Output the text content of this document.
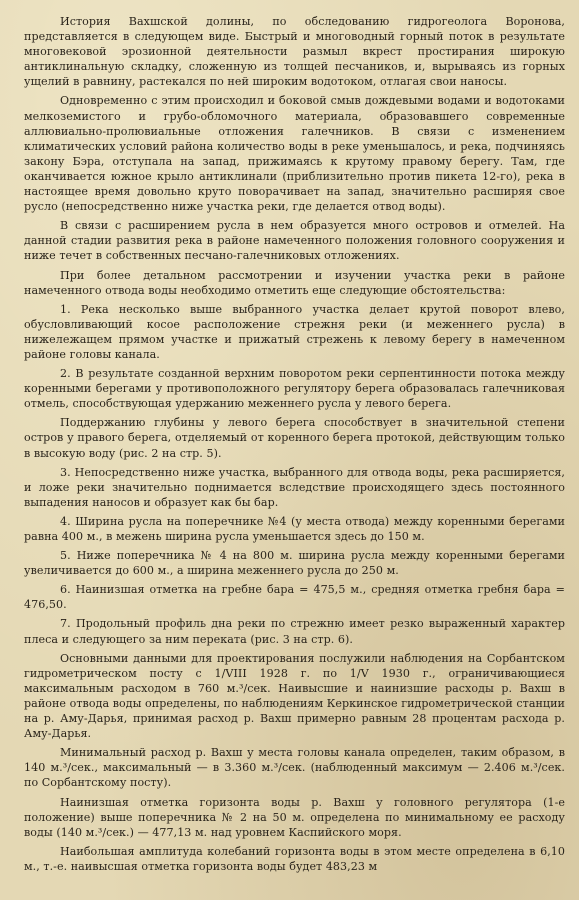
История Вахшской долины, по обследованию гидрогеолога Воронова, представляется в следующем виде. Быстрый и многоводный горный поток в результате многовековой эрозионной деятельности размыл вкрест простирания широкую антиклинальную складку, сложенную из толщей песчаников, и, вырываясь из горных ущелий в равнину, растекался по ней широким водотоком, отлагая свои наносы.

Одновременно с этим происходил и боковой смыв дождевыми водами и водотоками мелкоземистого и грубо-обломочного материала, образовавшего современные аллювиально-пролювиальные отложения галечников. В связи с изменением климатических условий района количество воды в реке уменьшалось, и река, подчиняясь закону Бэра, отступала на запад, прижимаясь к крутому правому берегу. Там, где оканчивается южное крыло антиклинали (приблизительно против пикета 12-го), река в настоящее время довольно круто поворачивает на запад, значительно расширяя свое русло (непосредственно ниже участка реки, где делается отвод воды).

В связи с расширением русла в нем образуется много островов и отмелей. На данной стадии развития река в районе намеченного положения головного сооружения и ниже течет в собственных песчано-галечниковых отложениях.

При более детальном рассмотрении и изучении участка реки в районе намеченного отвода воды необходимо отметить еще следующие обстоятельства:

1. Река несколько выше выбранного участка делает крутой поворот влево, обусловливающий косое расположение стрежня реки (и меженнего русла) в нижележащем прямом участке и прижатый стрежень к левому берегу в намеченном районе головы канала.

2. В результате созданной верхним поворотом реки серпентинности потока между коренными берегами у противоположного регулятору берега образовалась галечниковая отмель, способствующая удержанию меженнего русла у левого берега.

Поддержанию глубины у левого берега способствует в значительной степени остров у правого берега, отделяемый от коренного берега протокой, действующим только в высокую воду (рис. 2 на стр. 5).

3. Непосредственно ниже участка, выбранного для отвода воды, река расширяется, и ложе реки значительно поднимается вследствие происходящего здесь постоянного выпадения наносов и образует как бы бар.

4. Ширина русла на поперечнике №4 (у места отвода) между коренными берегами равна 400 м., в межень ширина русла уменьшается здесь до 150 м.

5. Ниже поперечника № 4 на 800 м. ширина русла между коренными берегами увеличивается до 600 м., а ширина меженнего русла до 250 м.

6. Наинизшая отметка на гребне бара = 475,5 м., средняя отметка гребня бара = 476,50.

7. Продольный профиль дна реки по стрежню имеет резко выраженный характер плеса и следующего за ним переката (рис. 3 на стр. 6).

Основными данными для проектирования послужили наблюдения на Сорбантском гидрометрическом посту с 1/VIII 1928 г. по 1/V 1930 г., ограничивающиеся максимальным расходом в 760 м.³/сек. Наивысшие и наинизшие расходы р. Вахш в районе отвода воды определены, по наблюдениям Керкинское гидрометрической станции на р. Аму-Дарья, принимая расход р. Вахш примерно равным 28 процентам расхода р. Аму-Дарья.

Минимальный расход р. Вахш у места головы канала определен, таким образом, в 140 м.³/сек., максимальный — в 3.360 м.³/сек. (наблюденный максимум — 2.406 м.³/сек. по Сорбантскому посту).

Наинизшая отметка горизонта воды р. Вахш у головного регулятора (1-е положение) выше поперечника № 2 на 50 м. определена по минимальному ее расходу воды (140 м.³/сек.) — 477,13 м. над уровнем Каспийского моря.

Наибольшая амплитуда колебаний горизонта воды в этом месте определена в 6,10 м., т.-е. наивысшая отметка горизонта воды будет 483,23 м
